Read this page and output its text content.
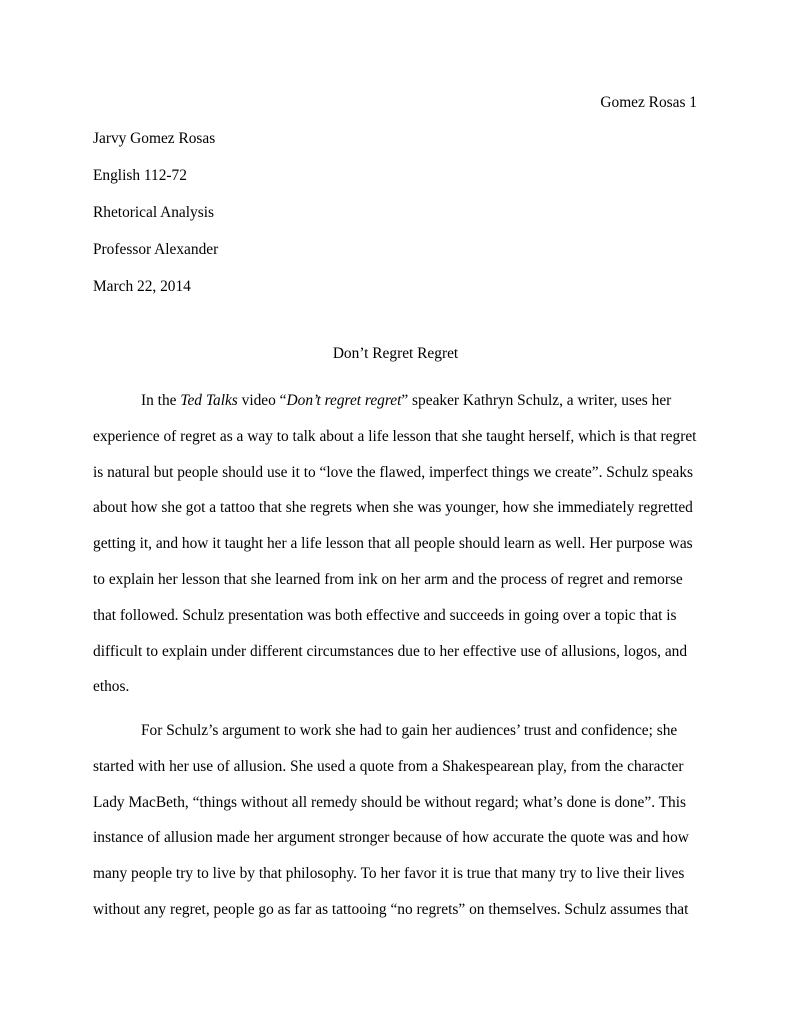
Gomez Rosas 1
Jarvy Gomez Rosas
English 112-72
Rhetorical Analysis
Professor Alexander
March 22, 2014
Don’t Regret Regret

In the Ted Talks video “Don’t regret regret” speaker Kathryn Schulz, a writer, uses her experience of regret as a way to talk about a life lesson that she taught herself, which is that regret is natural but people should use it to “love the flawed, imperfect things we create”. Schulz speaks about how she got a tattoo that she regrets when she was younger, how she immediately regretted getting it, and how it taught her a life lesson that all people should learn as well. Her purpose was to explain her lesson that she learned from ink on her arm and the process of regret and remorse that followed. Schulz presentation was both effective and succeeds in going over a topic that is difficult to explain under different circumstances due to her effective use of allusions, logos, and ethos.

For Schulz’s argument to work she had to gain her audiences’ trust and confidence; she started with her use of allusion. She used a quote from a Shakespearean play, from the character Lady MacBeth, “things without all remedy should be without regard; what’s done is done”. This instance of allusion made her argument stronger because of how accurate the quote was and how many people try to live by that philosophy. To her favor it is true that many try to live their lives without any regret, people go as far as tattooing “no regrets” on themselves. Schulz assumes that
